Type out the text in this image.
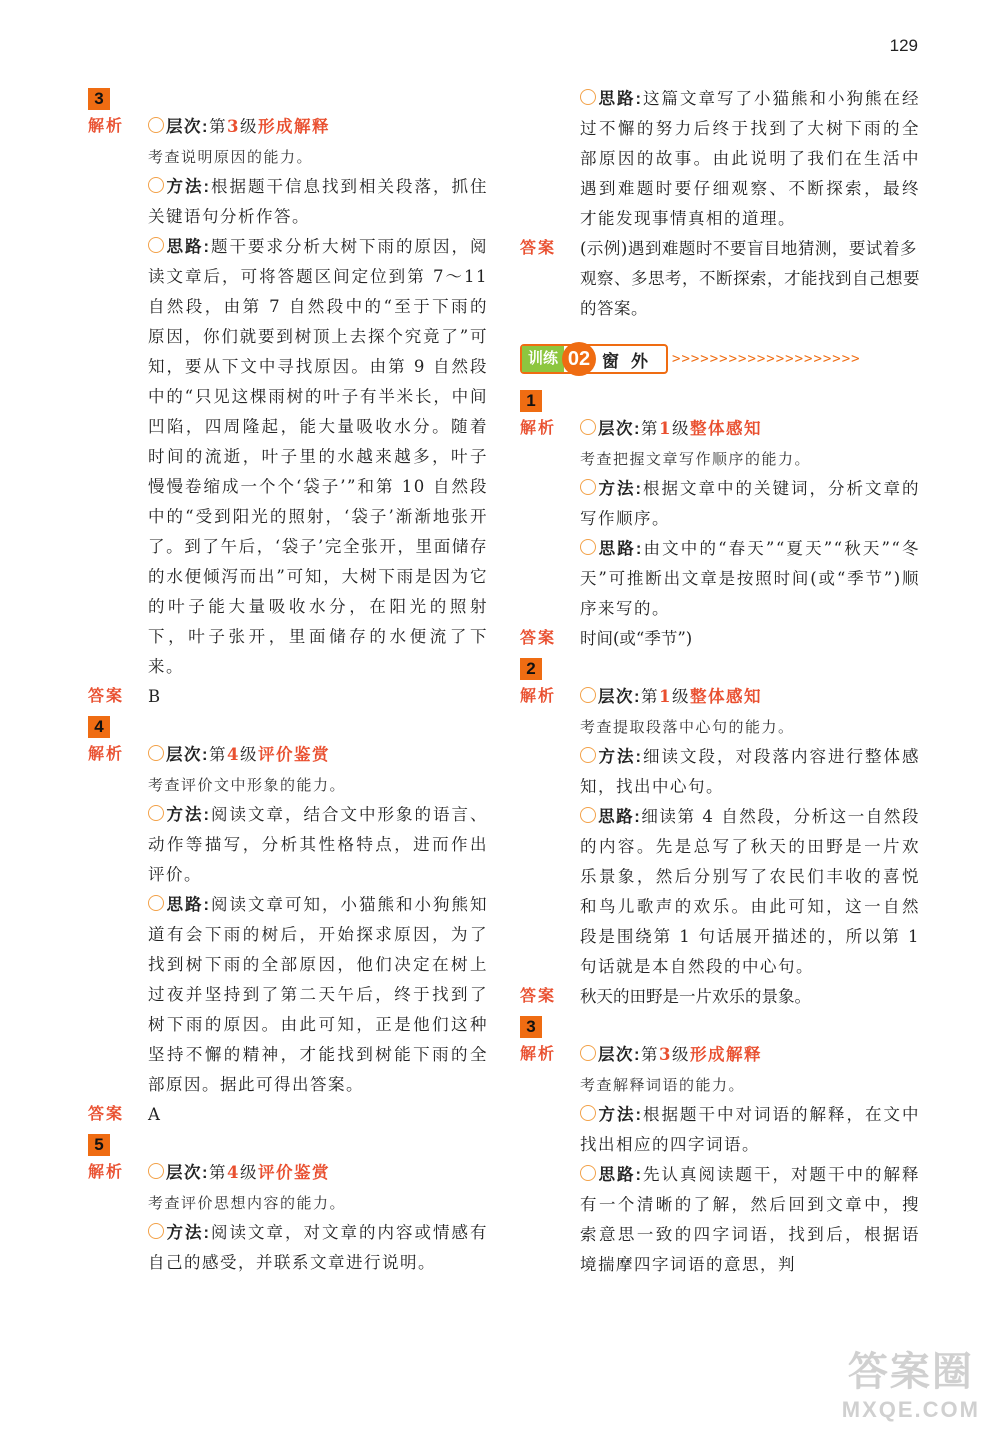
129
3
解析	层次:第3级形成解释
考查说明原因的能力。
方法:根据题干信息找到相关段落，抓住关键语句分析作答。
思路:题干要求分析大树下雨的原因，阅读文章后，可将答题区间定位到第 7～11 自然段，由第 7 自然段中的“至于下雨的原因，你们就要到树顶上去探个究竟了”可知，要从下文中寻找原因。由第 9 自然段中的“只见这棵雨树的叶子有半米长，中间凹陷，四周隆起，能大量吸收水分。随着时间的流逝，叶子里的水越来越多，叶子慢慢卷缩成一个个‘袋子’”和第 10 自然段中的“受到阳光的照射，‘袋子’渐渐地张开了。到了午后，‘袋子’完全张开，里面储存的水便倾泻而出”可知，大树下雨是因为它的叶子能大量吸收水分，在阳光的照射下，叶子张开，里面储存的水便流了下来。
答案 B
4
解析	层次:第4级评价鉴赏
考查评价文中形象的能力。
方法:阅读文章，结合文中形象的语言、动作等描写，分析其性格特点，进而作出评价。
思路:阅读文章可知，小猫熊和小狗熊知道有会下雨的树后，开始探求原因，为了找到树下雨的全部原因，他们决定在树上过夜并坚持到了第二天午后，终于找到了树下雨的原因。由此可知，正是他们这种坚持不懈的精神，才能找到树能下雨的全部原因。据此可得出答案。
答案 A
5
解析	层次:第4级评价鉴赏
考查评价思想内容的能力。
方法:阅读文章，对文章的内容或情感有自己的感受，并联系文章进行说明。
思路:这篇文章写了小猫熊和小狗熊在经过不懈的努力后终于找到了大树下雨的全部原因的故事。由此说明了我们在生活中遇到难题时要仔细观察、不断探索，最终才能发现事情真相的道理。
答案 (示例)遇到难题时不要盲目地猜测，要试着多观察、多思考，不断探索，才能找到自己想要的答案。
训练 02 窗外 >>>>>>>>>>>>>>>>>>>>
1
解析	层次:第1级整体感知
考查把握文章写作顺序的能力。
方法:根据文章中的关键词，分析文章的写作顺序。
思路:由文中的“春天”“夏天”“秋天”“冬天”可推断出文章是按照时间(或“季节”)顺序来写的。
答案 时间(或“季节”)
2
解析	层次:第1级整体感知
考查提取段落中心句的能力。
方法:细读文段，对段落内容进行整体感知，找出中心句。
思路:细读第 4 自然段，分析这一自然段的内容。先是总写了秋天的田野是一片欢乐景象，然后分别写了农民们丰收的喜悦和鸟儿歌声的欢乐。由此可知，这一自然段是围绕第 1 句话展开描述的，所以第 1 句话就是本自然段的中心句。
答案 秋天的田野是一片欢乐的景象。
3
解析	层次:第3级形成解释
考查解释词语的能力。
方法:根据题干中对词语的解释，在文中找出相应的四字词语。
思路:先认真阅读题干，对题干中的解释有一个清晰的了解，然后回到文章中，搜索意思一致的四字词语，找到后，根据语境揣摩四字词语的意思，判
答案圈
MXQE.COM
